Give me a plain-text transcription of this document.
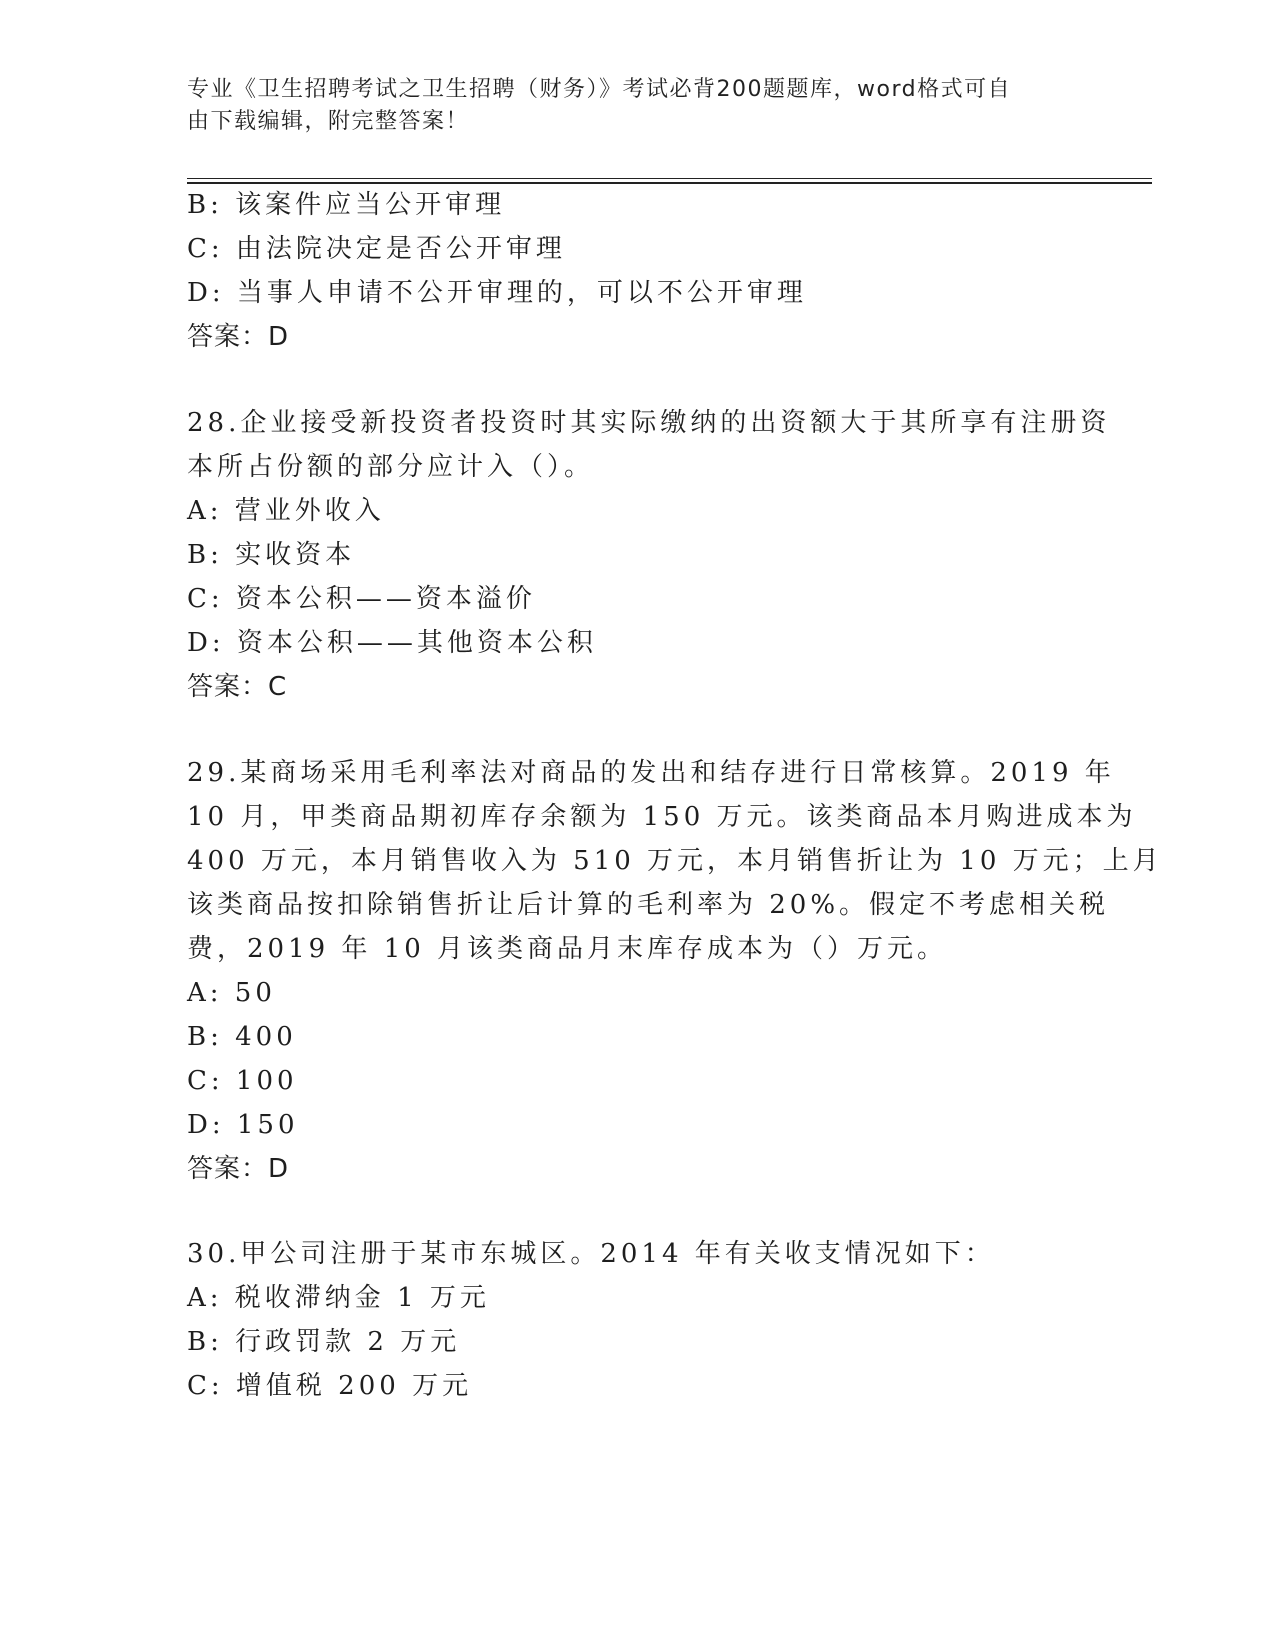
专业《卫生招聘考试之卫生招聘（财务）》考试必背200题题库，word格式可自
由下载编辑，附完整答案！
B: 该案件应当公开审理
C: 由法院决定是否公开审理
D: 当事人申请不公开审理的，可以不公开审理
答案：D
28.企业接受新投资者投资时其实际缴纳的出资额大于其所享有注册资
本所占份额的部分应计入（）。
A: 营业外收入
B: 实收资本
C: 资本公积——资本溢价
D: 资本公积——其他资本公积
答案：C
29.某商场采用毛利率法对商品的发出和结存进行日常核算。2019 年
10 月，甲类商品期初库存余额为 150 万元。该类商品本月购进成本为
400 万元，本月销售收入为 510 万元，本月销售折让为 10 万元；上月
该类商品按扣除销售折让后计算的毛利率为 20%。假定不考虑相关税
费，2019 年 10 月该类商品月末库存成本为（）万元。
A: 50
B: 400
C: 100
D: 150
答案：D
30.甲公司注册于某市东城区。2014 年有关收支情况如下：
A: 税收滞纳金 1 万元
B: 行政罚款 2 万元
C: 增值税 200 万元
